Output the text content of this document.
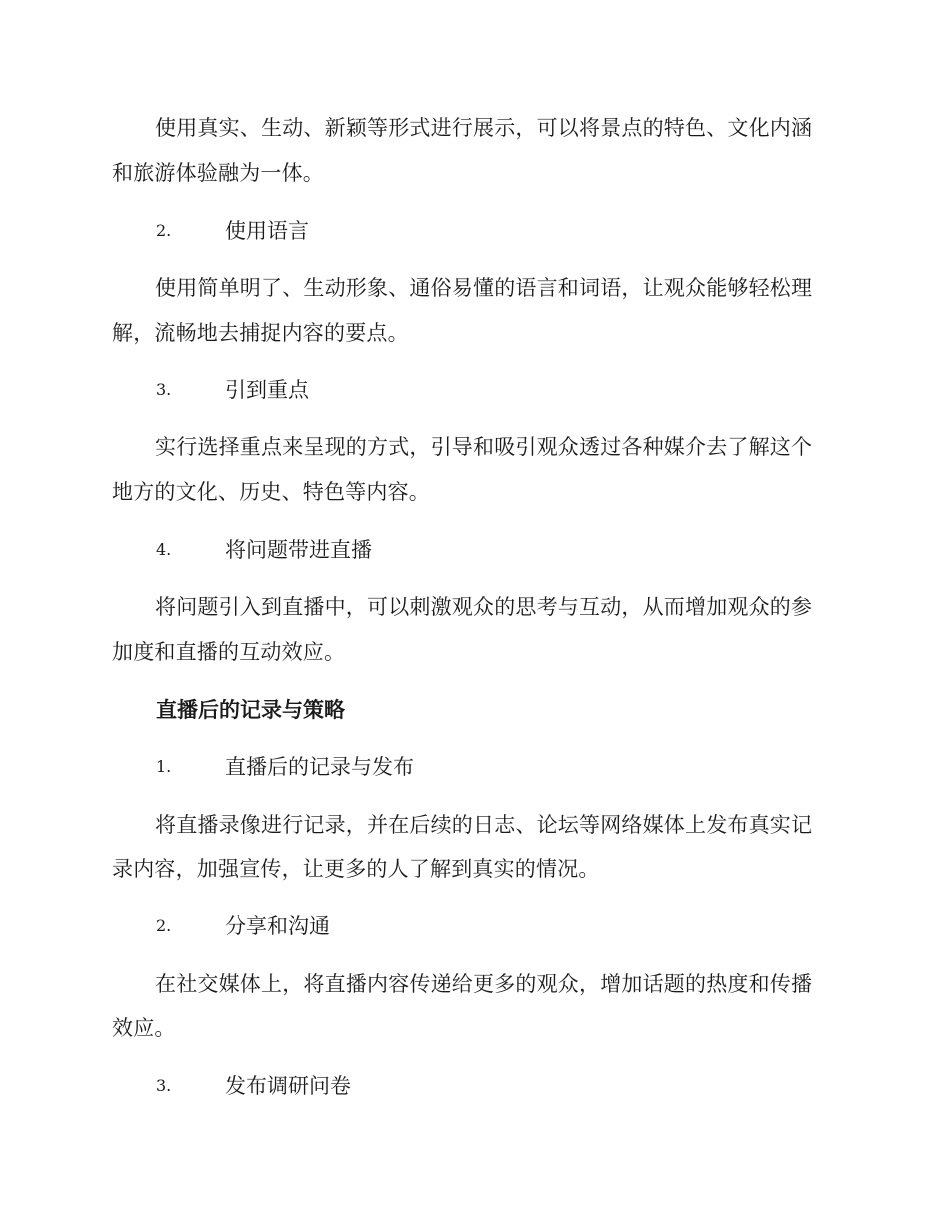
使用真实、生动、新颖等形式进行展示，可以将景点的特色、文化内涵
和旅游体验融为一体。
2.	使用语言
使用简单明了、生动形象、通俗易懂的语言和词语，让观众能够轻松理
解，流畅地去捕捉内容的要点。
3.	引到重点
实行选择重点来呈现的方式，引导和吸引观众透过各种媒介去了解这个
地方的文化、历史、特色等内容。
4.	将问题带进直播
将问题引入到直播中，可以刺激观众的思考与互动，从而增加观众的参
加度和直播的互动效应。
直播后的记录与策略
1.	直播后的记录与发布
将直播录像进行记录，并在后续的日志、论坛等网络媒体上发布真实记
录内容，加强宣传，让更多的人了解到真实的情况。
2.	分享和沟通
在社交媒体上，将直播内容传递给更多的观众，增加话题的热度和传播
效应。
3.	发布调研问卷
